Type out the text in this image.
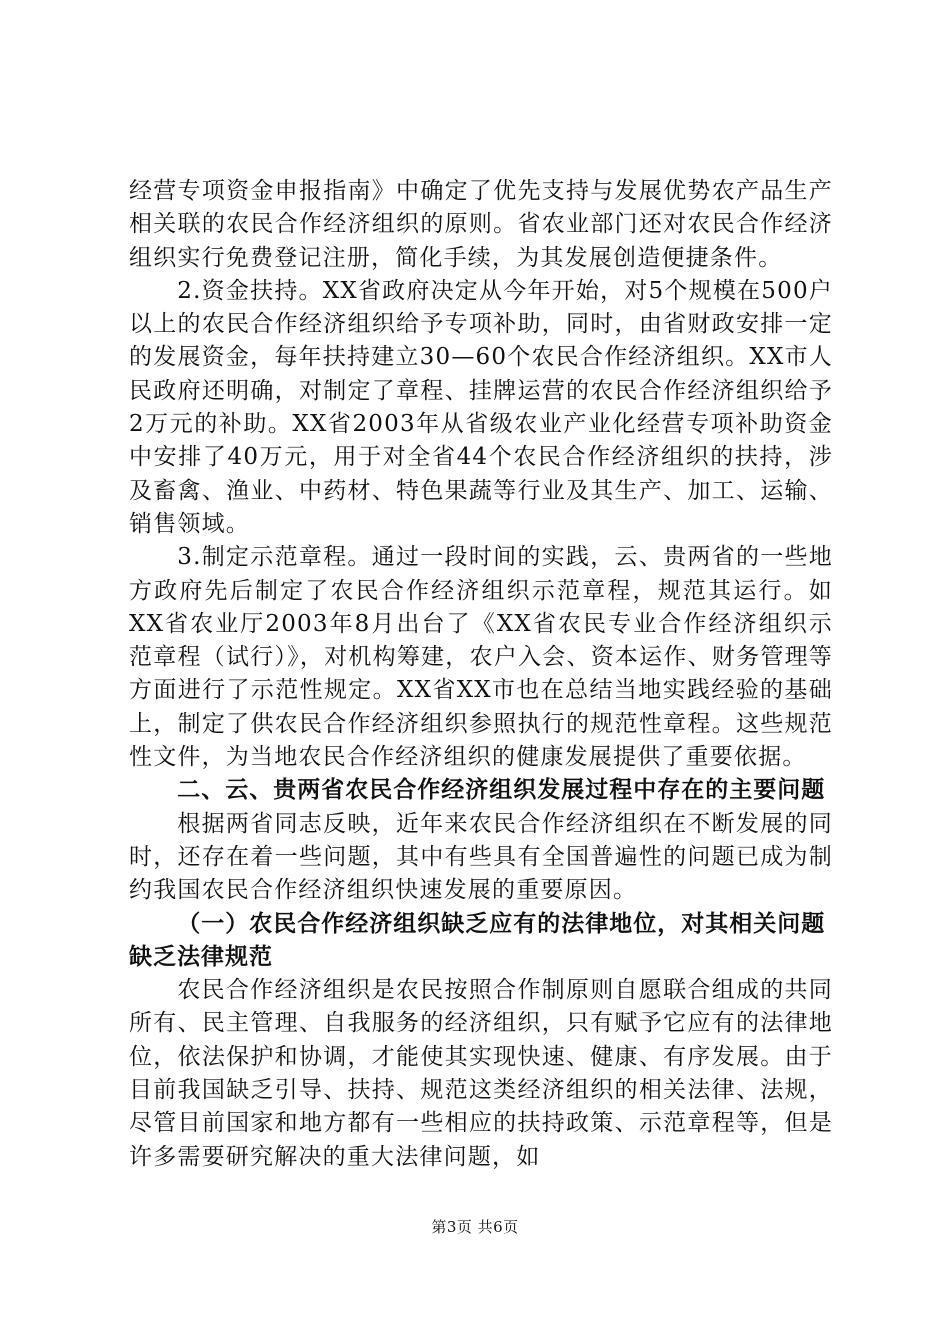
经营专项资金申报指南》中确定了优先支持与发展优势农产品生产相关联的农民合作经济组织的原则。省农业部门还对农民合作经济组织实行免费登记注册，简化手续，为其发展创造便捷条件。

2.资金扶持。XX省政府决定从今年开始，对5个规模在500户以上的农民合作经济组织给予专项补助，同时，由省财政安排一定的发展资金，每年扶持建立30—60个农民合作经济组织。XX市人民政府还明确，对制定了章程、挂牌运营的农民合作经济组织给予2万元的补助。XX省2003年从省级农业产业化经营专项补助资金中安排了40万元，用于对全省44个农民合作经济组织的扶持，涉及畜禽、渔业、中药材、特色果蔬等行业及其生产、加工、运输、销售领域。

3.制定示范章程。通过一段时间的实践，云、贵两省的一些地方政府先后制定了农民合作经济组织示范章程，规范其运行。如XX省农业厅2003年8月出台了《XX省农民专业合作经济组织示范章程（试行）》，对机构筹建，农户入会、资本运作、财务管理等方面进行了示范性规定。XX省XX市也在总结当地实践经验的基础上，制定了供农民合作经济组织参照执行的规范性章程。这些规范性文件，为当地农民合作经济组织的健康发展提供了重要依据。

二、云、贵两省农民合作经济组织发展过程中存在的主要问题

根据两省同志反映，近年来农民合作经济组织在不断发展的同时，还存在着一些问题，其中有些具有全国普遍性的问题已成为制约我国农民合作经济组织快速发展的重要原因。

（一）农民合作经济组织缺乏应有的法律地位，对其相关问题缺乏法律规范

农民合作经济组织是农民按照合作制原则自愿联合组成的共同所有、民主管理、自我服务的经济组织，只有赋予它应有的法律地位，依法保护和协调，才能使其实现快速、健康、有序发展。由于目前我国缺乏引导、扶持、规范这类经济组织的相关法律、法规，尽管目前国家和地方都有一些相应的扶持政策、示范章程等，但是许多需要研究解决的重大法律问题，如

第3页 共6页
